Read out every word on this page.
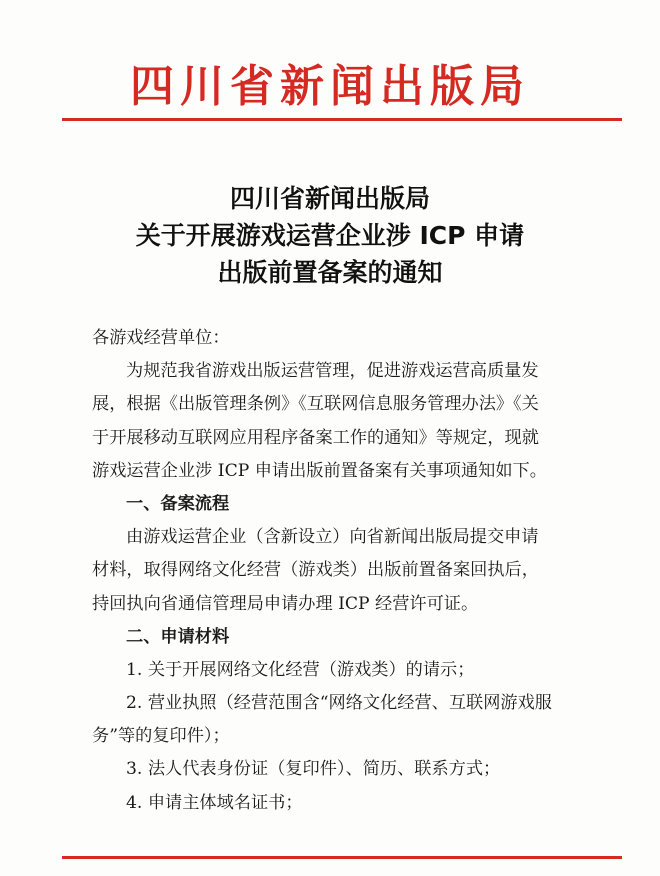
四川省新闻出版局
四川省新闻出版局
关于开展游戏运营企业涉 ICP 申请
出版前置备案的通知
各游戏经营单位：
为规范我省游戏出版运营管理，促进游戏运营高质量发
展，根据《出版管理条例》《互联网信息服务管理办法》《关
于开展移动互联网应用程序备案工作的通知》等规定，现就
游戏运营企业涉 ICP 申请出版前置备案有关事项通知如下。
一、备案流程
由游戏运营企业（含新设立）向省新闻出版局提交申请
材料，取得网络文化经营（游戏类）出版前置备案回执后，
持回执向省通信管理局申请办理 ICP 经营许可证。
二、申请材料
1. 关于开展网络文化经营（游戏类）的请示；
2. 营业执照（经营范围含“网络文化经营、互联网游戏服
务”等的复印件）；
3. 法人代表身份证（复印件）、简历、联系方式；
4. 申请主体域名证书；
